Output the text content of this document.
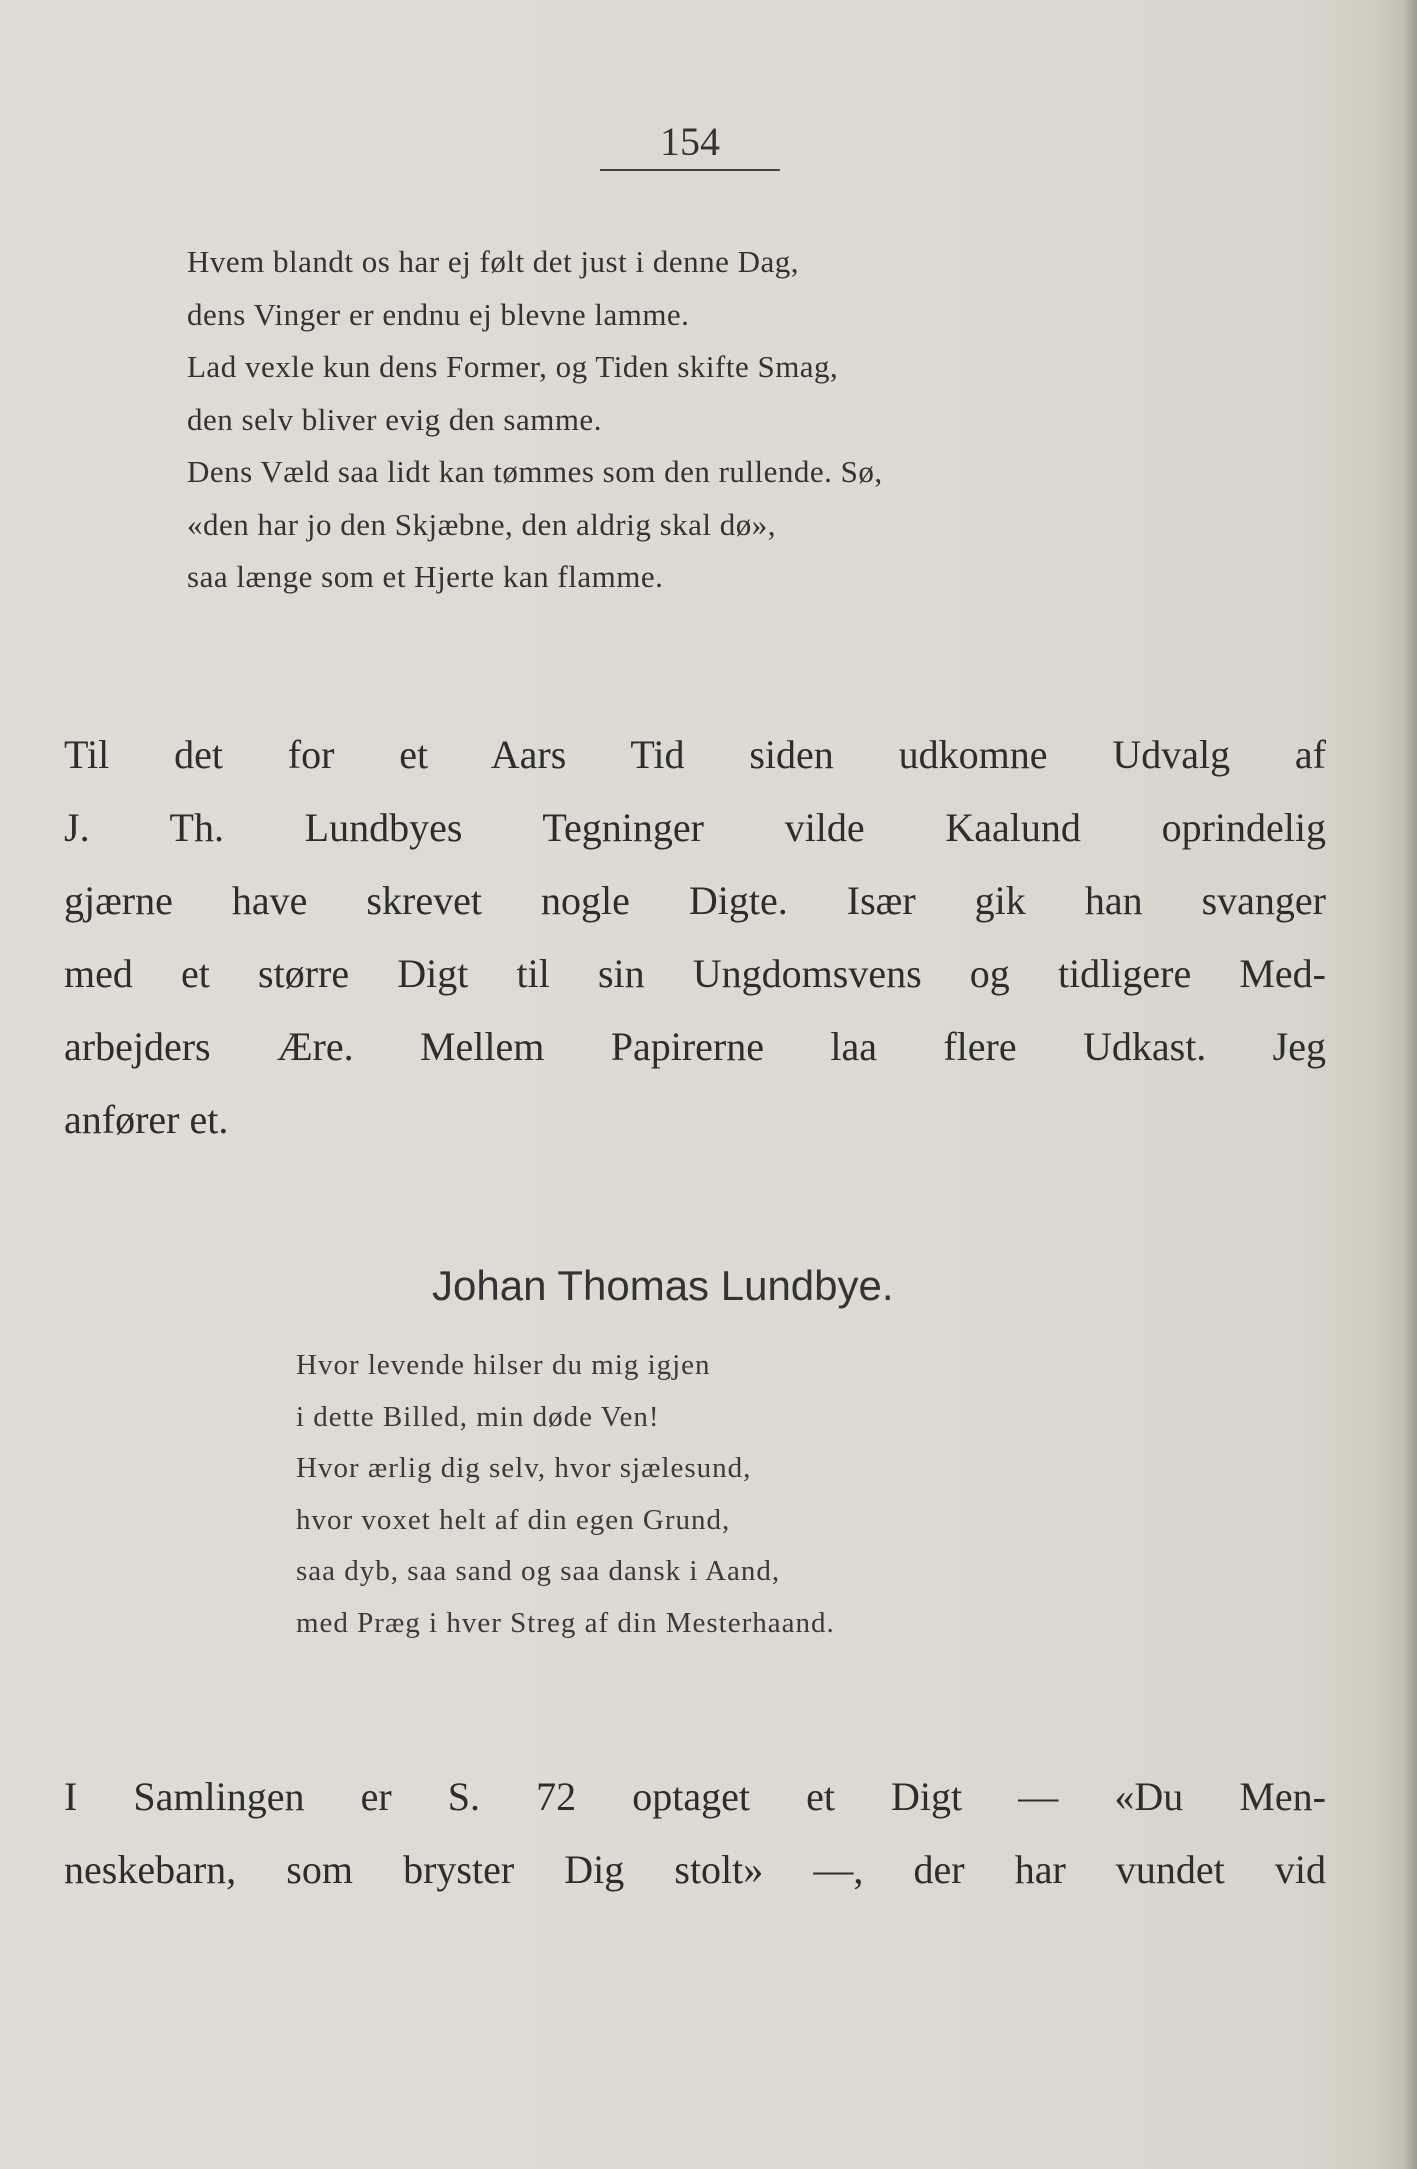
154
Hvem blandt os har ej følt det just i denne Dag,
dens Vinger er endnu ej blevne lamme.
Lad vexle kun dens Former, og Tiden skifte Smag,
den selv bliver evig den samme.
Dens Væld saa lidt kan tømmes som den rullende. Sø,
«den har jo den Skjæbne, den aldrig skal dø»,
saa længe som et Hjerte kan flamme.
Til det for et Aars Tid siden udkomne Udvalg af
J. Th. Lundbyes Tegninger vilde Kaalund oprindelig
gjærne have skrevet nogle Digte. Især gik han svanger
med et større Digt til sin Ungdomsvens og tidligere Med-
arbejders Ære. Mellem Papirerne laa flere Udkast. Jeg
anfører et.
Johan Thomas Lundbye.
Hvor levende hilser du mig igjen
i dette Billed, min døde Ven!
Hvor ærlig dig selv, hvor sjælesund,
hvor voxet helt af din egen Grund,
saa dyb, saa sand og saa dansk i Aand,
med Præg i hver Streg af din Mesterhaand.
I Samlingen er S. 72 optaget et Digt — «Du Men-
neskebarn, som bryster Dig stolt» —, der har vundet vid
